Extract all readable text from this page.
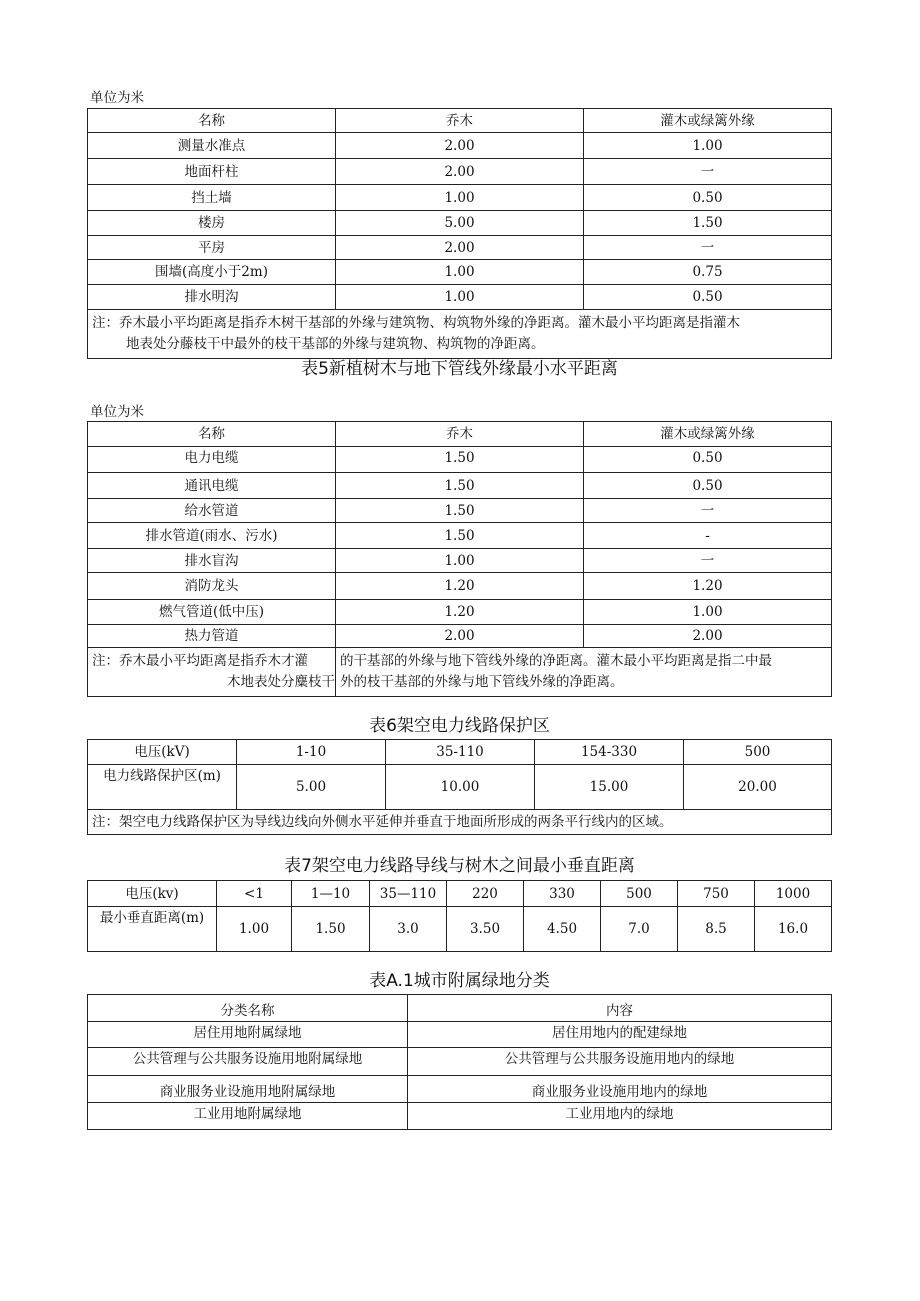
单位为米
名称	乔木	灌木或绿篱外缘
测量水准点	2.00	1.00
地面杆柱	2.00	一
挡土墙	1.00	0.50
楼房	5.00	1.50
平房	2.00	一
围墙(高度小于2m)	1.00	0.75
排水明沟	1.00	0.50
注：乔木最小平均距离是指乔木树干基部的外缘与建筑物、构筑物外缘的净距离。灌木最小平均距离是指灌木
地表处分藤枝干中最外的枝干基部的外缘与建筑物、构筑物的净距离。		
表5新植树木与地下管线外缘最小水平距离
单位为米
名称	乔木	灌木或绿篱外缘
电力电缆	1.50	0.50
通讯电缆	1.50	0.50
给水管道	1.50	一
排水管道(雨水、污水)	1.50	-
排水盲沟	1.00	一
消防龙头	1.20	1.20
燃气管道(低中压)	1.20	1.00
热力管道	2.00	2.00

注：乔木最小平均距离是指乔木才灌
木地表处分麋枝干	的干基部的外缘与地下管线外缘的净距离。灌木最小平均距离是指二中最
外的枝干基部的外缘与地下管线外缘的净距离。	
表6架空电力线路保护区
电压(kV)	1-10	35-110	154-330	500
电力线路保护区(m)	5.00	10.00	15.00	20.00
注：架空电力线路保护区为导线边线向外侧水平延伸并垂直于地面所形成的两条平行线内的区域。				
表7架空电力线路导线与树木之间最小垂直距离
电压(kv)	<1	1—10	35—110	220	330	500	750	1000
最小垂直距离(m)	1.00	1.50	3.0	3.50	4.50	7.0	8.5	16.0
表A.1城市附属绿地分类
分类名称	内容
居住用地附属绿地	居住用地内的配建绿地
公共管理与公共服务设施用地附属绿地	公共管理与公共服务设施用地内的绿地
商业服务业设施用地附属绿地	商业服务业设施用地内的绿地
工业用地附属绿地	工业用地内的绿地
